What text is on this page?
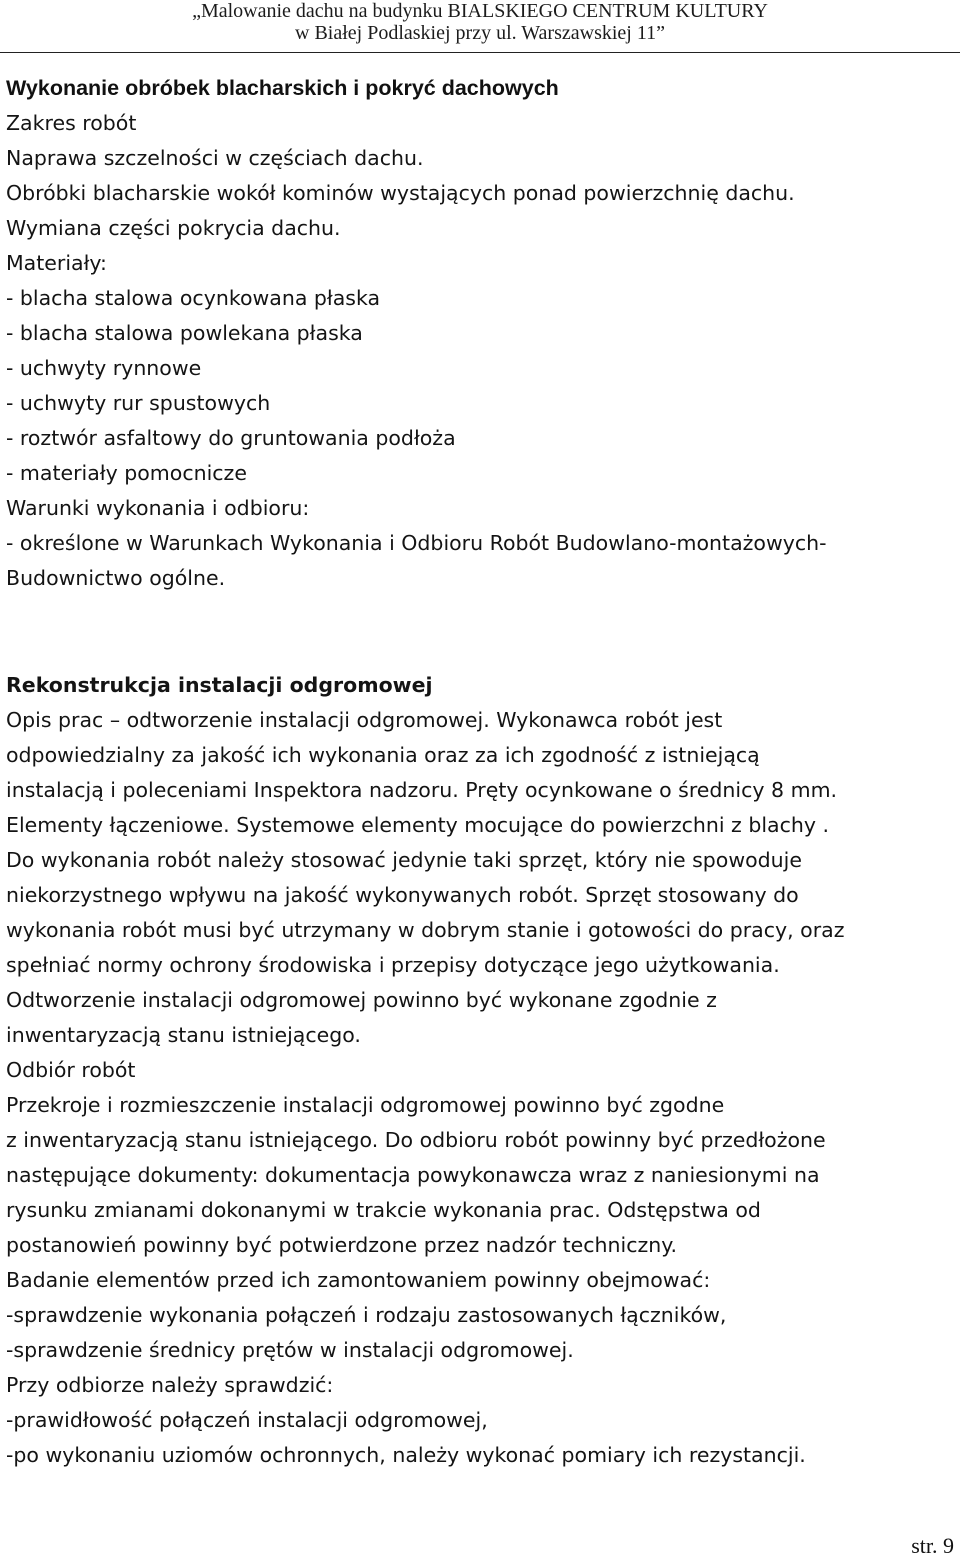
„Malowanie dachu na budynku BIALSKIEGO CENTRUM KULTURY
w Białej Podlaskiej przy ul. Warszawskiej 11”
Wykonanie obróbek blacharskich i pokryć dachowych
Zakres robót
Naprawa szczelności w częściach dachu.
Obróbki blacharskie wokół kominów wystających ponad powierzchnię dachu.
Wymiana części pokrycia dachu.
Materiały:
- blacha stalowa ocynkowana płaska
- blacha stalowa powlekana płaska
- uchwyty rynnowe
- uchwyty rur spustowych
- roztwór asfaltowy do gruntowania podłoża
- materiały pomocnicze
Warunki wykonania i odbioru:
- określone w Warunkach Wykonania i Odbioru Robót Budowlano-montażowych-
Budownictwo ogólne.
Rekonstrukcja instalacji odgromowej
Opis prac – odtworzenie instalacji odgromowej. Wykonawca robót jest
odpowiedzialny za jakość ich wykonania oraz za ich zgodność z istniejącą
instalacją i poleceniami Inspektora nadzoru. Pręty ocynkowane o średnicy 8 mm.
Elementy łączeniowe. Systemowe elementy mocujące do powierzchni z blachy .
Do wykonania robót należy stosować jedynie taki sprzęt, który nie spowoduje
niekorzystnego wpływu na jakość wykonywanych robót. Sprzęt stosowany do
wykonania robót musi być utrzymany w dobrym stanie i gotowości do pracy, oraz
spełniać normy ochrony środowiska i przepisy dotyczące jego użytkowania.
Odtworzenie instalacji odgromowej powinno być wykonane zgodnie z
inwentaryzacją stanu istniejącego.
Odbiór robót
Przekroje i rozmieszczenie instalacji odgromowej powinno być zgodne
z inwentaryzacją stanu istniejącego. Do odbioru robót powinny być przedłożone
następujące dokumenty: dokumentacja powykonawcza wraz z naniesionymi na
rysunku zmianami dokonanymi w trakcie wykonania prac. Odstępstwa od
postanowień powinny być potwierdzone przez nadzór techniczny.
Badanie elementów przed ich zamontowaniem powinny obejmować:
-sprawdzenie wykonania połączeń i rodzaju zastosowanych łączników,
-sprawdzenie średnicy prętów w instalacji odgromowej.
Przy odbiorze należy sprawdzić:
-prawidłowość połączeń instalacji odgromowej,
-po wykonaniu uziomów ochronnych, należy wykonać pomiary ich rezystancji.
str. 9
